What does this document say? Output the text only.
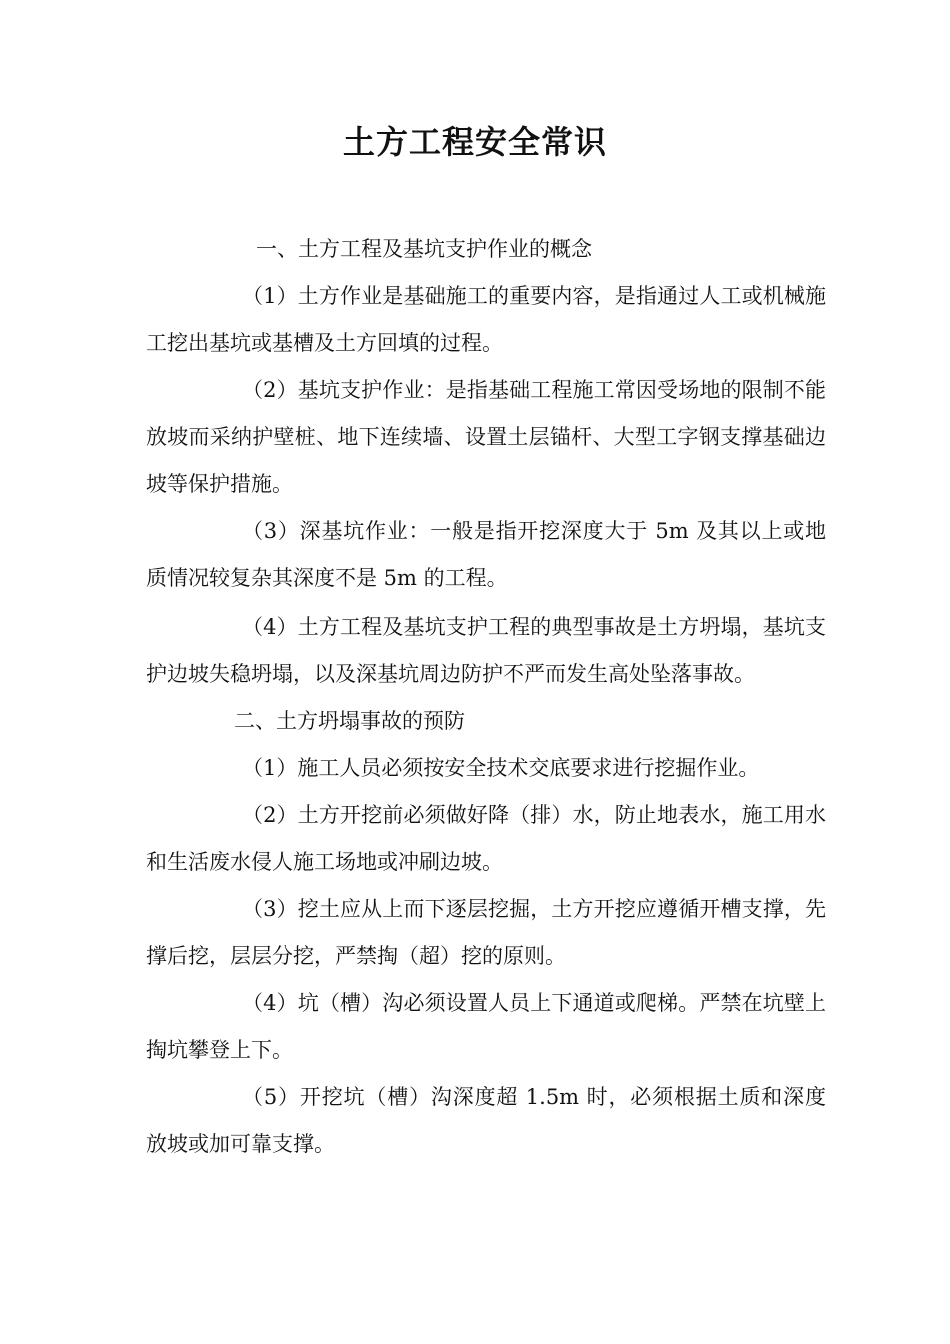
土方工程安全常识

一、土方工程及基坑支护作业的概念

（1）土方作业是基础施工的重要内容，是指通过人工或机械施工挖出基坑或基槽及土方回填的过程。

（2）基坑支护作业：是指基础工程施工常因受场地的限制不能放坡而采纳护壁桩、地下连续墙、设置土层锚杆、大型工字钢支撑基础边坡等保护措施。

（3）深基坑作业：一般是指开挖深度大于 5m 及其以上或地质情况较复杂其深度不是 5m 的工程。

（4）土方工程及基坑支护工程的典型事故是土方坍塌，基坑支护边坡失稳坍塌，以及深基坑周边防护不严而发生高处坠落事故。

二、土方坍塌事故的预防

（1）施工人员必须按安全技术交底要求进行挖掘作业。

（2）土方开挖前必须做好降（排）水，防止地表水，施工用水和生活废水侵人施工场地或冲刷边坡。

（3）挖土应从上而下逐层挖掘，土方开挖应遵循开槽支撑，先撑后挖，层层分挖，严禁掏（超）挖的原则。

（4）坑（槽）沟必须设置人员上下通道或爬梯。严禁在坑壁上掏坑攀登上下。

（5）开挖坑（槽）沟深度超 1.5m 时，必须根据土质和深度放坡或加可靠支撑。
